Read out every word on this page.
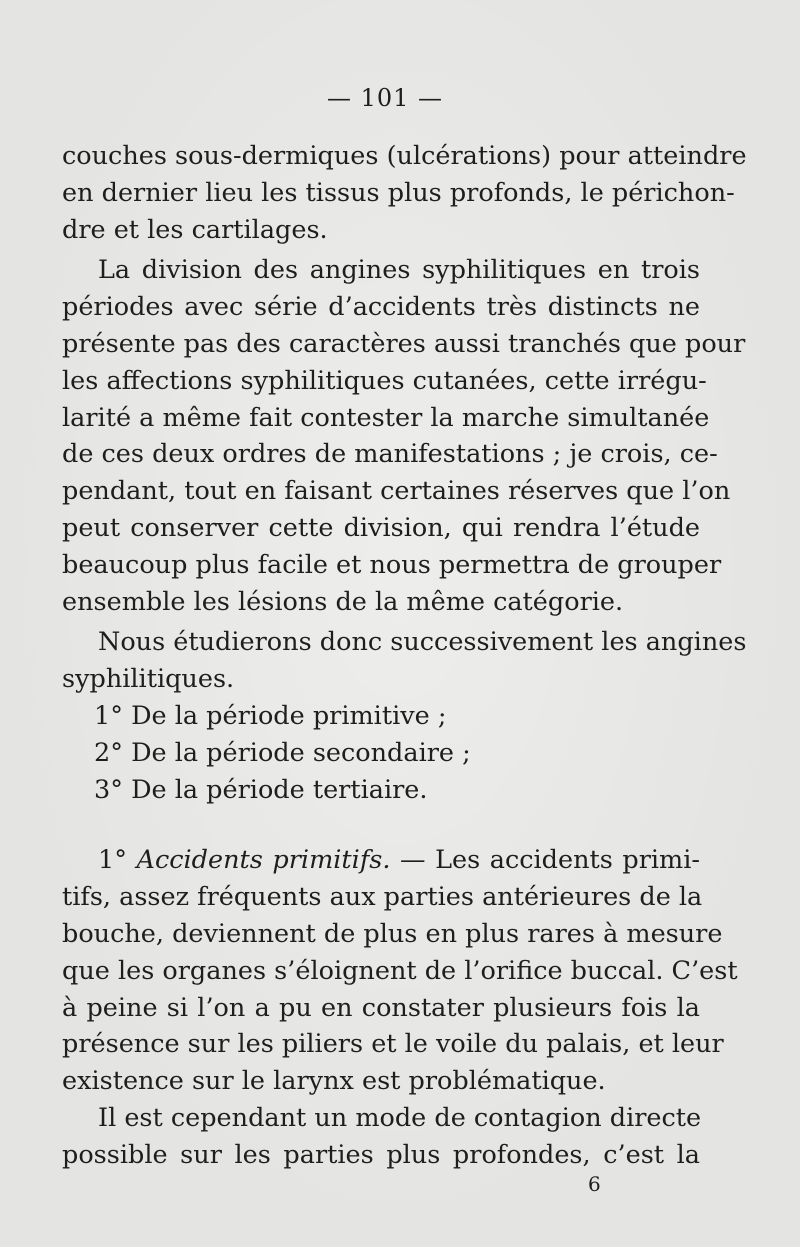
— 101 —
couches sous-dermiques (ulcérations) pour atteindre
en dernier lieu les tissus plus profonds, le périchon-
dre et les cartilages.
La division des angines syphilitiques en trois
périodes avec série d’accidents très distincts ne
présente pas des caractères aussi tranchés que pour
les affections syphilitiques cutanées, cette irrégu-
larité a même fait contester la marche simultanée
de ces deux ordres de manifestations ; je crois, ce-
pendant, tout en faisant certaines réserves que l’on
peut conserver cette division, qui rendra l’étude
beaucoup plus facile et nous permettra de grouper
ensemble les lésions de la même catégorie.
Nous étudierons donc successivement les angines
syphilitiques.
1° De la période primitive ;
2° De la période secondaire ;
3° De la période tertiaire.
1° Accidents primitifs. — Les accidents primi-
tifs, assez fréquents aux parties antérieures de la
bouche, deviennent de plus en plus rares à mesure
que les organes s’éloignent de l’orifice buccal. C’est
à peine si l’on a pu en constater plusieurs fois la
présence sur les piliers et le voile du palais, et leur
existence sur le larynx est problématique.
Il est cependant un mode de contagion directe
possible sur les parties plus profondes, c’est la
6
